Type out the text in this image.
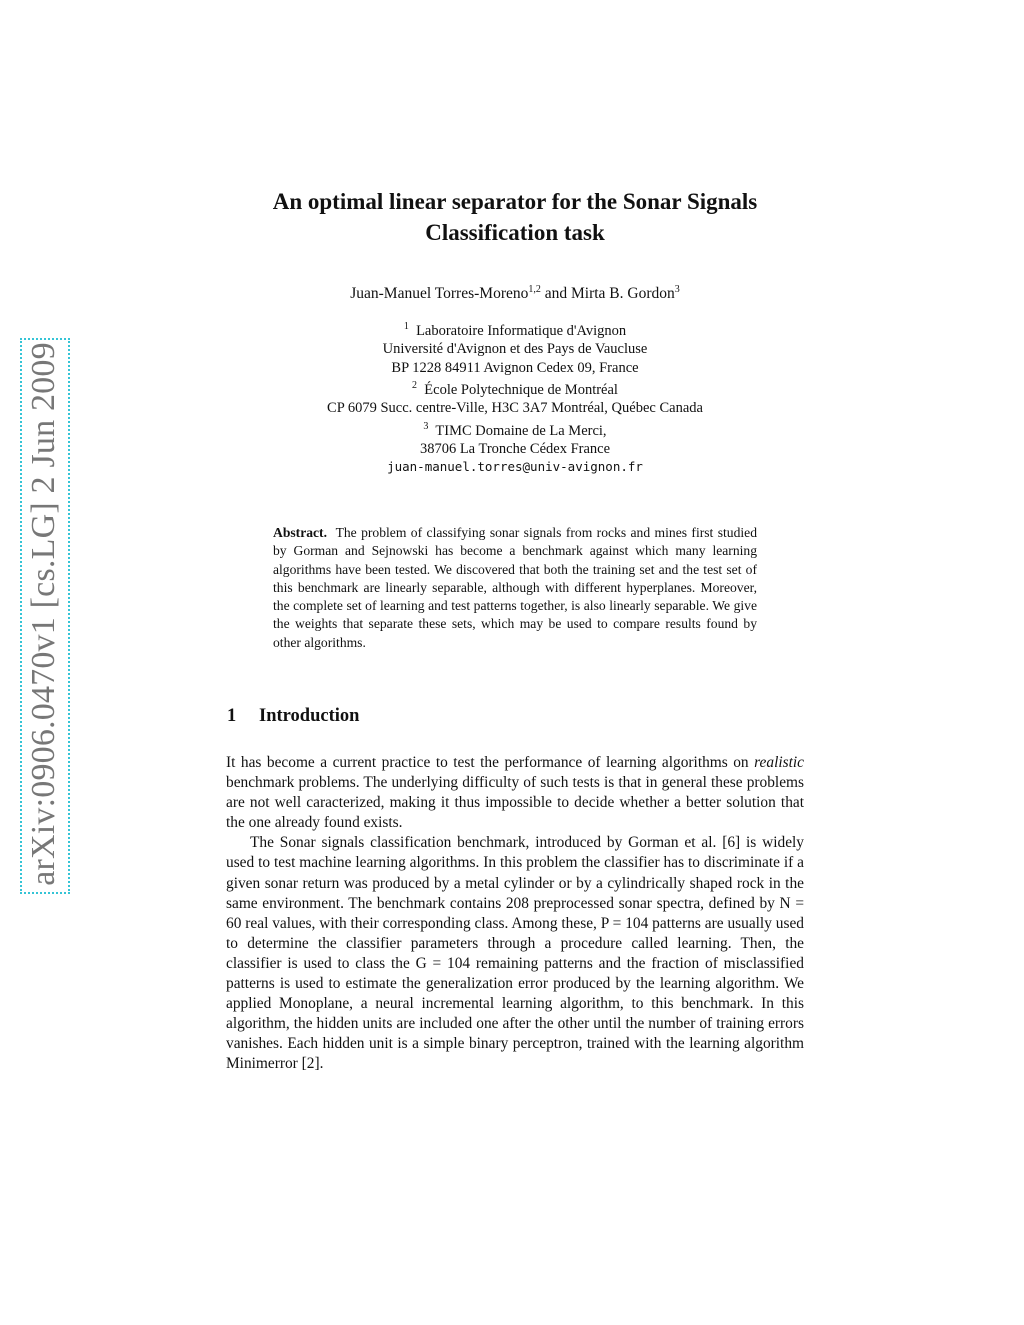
arXiv:0906.0470v1 [cs.LG] 2 Jun 2009
An optimal linear separator for the Sonar Signals
Classification task
Juan-Manuel Torres-Moreno$^{1,2}$ and Mirta B. Gordon$^3$
$^1$ Laboratoire Informatique d'Avignon
Université d'Avignon et des Pays de Vaucluse
BP 1228 84911 Avignon Cedex 09, France
$^2$ École Polytechnique de Montréal
CP 6079 Succ. centre-Ville, H3C 3A7 Montréal, Québec Canada
$^3$ TIMC Domaine de La Merci,
38706 La Tronche Cédex France
juan-manuel.torres@univ-avignon.fr
Abstract. The problem of classifying sonar signals from rocks and mines first studied by Gorman and Sejnowski has become a benchmark against which many learning algorithms have been tested. We discovered that both the training set and the test set of this benchmark are linearly separable, although with different hyperplanes. Moreover, the complete set of learning and test patterns together, is also linearly separable. We give the weights that separate these sets, which may be used to compare results found by other algorithms.
1 Introduction

It has become a current practice to test the performance of learning algorithms on realistic benchmark problems. The underlying difficulty of such tests is that in general these problems are not well caracterized, making it thus impossible to decide whether a better solution that the one already found exists.

The Sonar signals classification benchmark, introduced by Gorman et al. [6] is widely used to test machine learning algorithms. In this problem the classifier has to discriminate if a given sonar return was produced by a metal cylinder or by a cylindrically shaped rock in the same environment. The benchmark contains 208 preprocessed sonar spectra, defined by N = 60 real values, with their corresponding class. Among these, P = 104 patterns are usually used to determine the classifier parameters through a procedure called learning. Then, the classifier is used to class the G = 104 remaining patterns and the fraction of misclassified patterns is used to estimate the generalization error produced by the learning algorithm. We applied Monoplane, a neural incremental learning algorithm, to this benchmark. In this algorithm, the hidden units are included one after the other until the number of training errors vanishes. Each hidden unit is a simple binary perceptron, trained with the learning algorithm Minimerror [2].
